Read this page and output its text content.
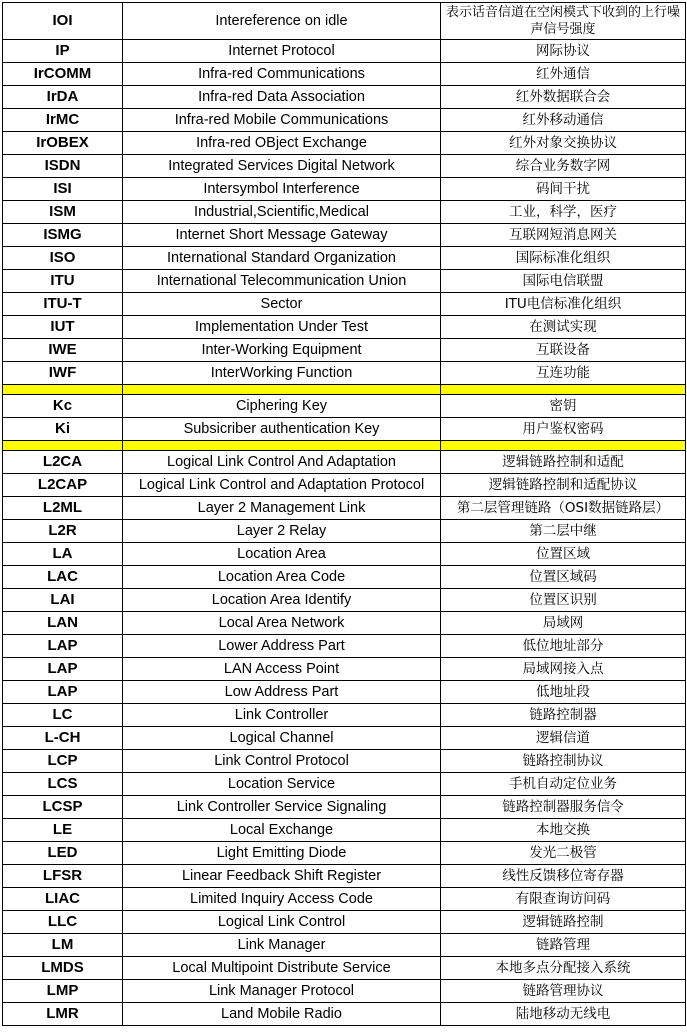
IOI	Intereference on idle	表示话音信道在空闲模式下收到的上行噪声信号强度
IP	Internet Protocol	网际协议
IrCOMM	Infra-red Communications	红外通信
IrDA	Infra-red Data Association	红外数据联合会
IrMC	Infra-red Mobile Communications	红外移动通信
IrOBEX	Infra-red OBject Exchange	红外对象交换协议
ISDN	Integrated Services Digital Network	综合业务数字网
ISI	Intersymbol Interference	码间干扰
ISM	Industrial,Scientific,Medical	工业，科学，医疗
ISMG	Internet Short Message Gateway	互联网短消息网关
ISO	International Standard Organization	国际标准化组织
ITU	International Telecommunication Union	国际电信联盟
ITU-T	Sector	ITU电信标准化组织
IUT	Implementation Under Test	在测试实现
IWE	Inter-Working Equipment	互联设备
IWF	InterWorking Function	互连功能

Kc	Ciphering Key	密钥
Ki	Subsicriber authentication Key	用户鉴权密码

L2CA	Logical Link Control And Adaptation	逻辑链路控制和适配
L2CAP	Logical Link Control and Adaptation Protocol	逻辑链路控制和适配协议
L2ML	Layer 2 Management Link	第二层管理链路（OSI数据链路层）
L2R	Layer 2 Relay	第二层中继
LA	Location Area	位置区域
LAC	Location Area Code	位置区域码
LAI	Location Area Identify	位置区识别
LAN	Local Area Network	局域网
LAP	Lower Address Part	低位地址部分
LAP	LAN Access Point	局域网接入点
LAP	Low Address Part	低地址段
LC	Link Controller	链路控制器
L-CH	Logical Channel	逻辑信道
LCP	Link Control Protocol	链路控制协议
LCS	Location Service	手机自动定位业务
LCSP	Link Controller Service Signaling	链路控制器服务信令
LE	Local Exchange	本地交换
LED	Light Emitting Diode	发光二极管
LFSR	Linear Feedback Shift Register	线性反馈移位寄存器
LIAC	Limited Inquiry Access Code	有限查询访问码
LLC	Logical Link Control	逻辑链路控制
LM	Link Manager	链路管理
LMDS	Local Multipoint Distribute Service	本地多点分配接入系统
LMP	Link Manager Protocol	链路管理协议
LMR	Land Mobile Radio	陆地移动无线电
